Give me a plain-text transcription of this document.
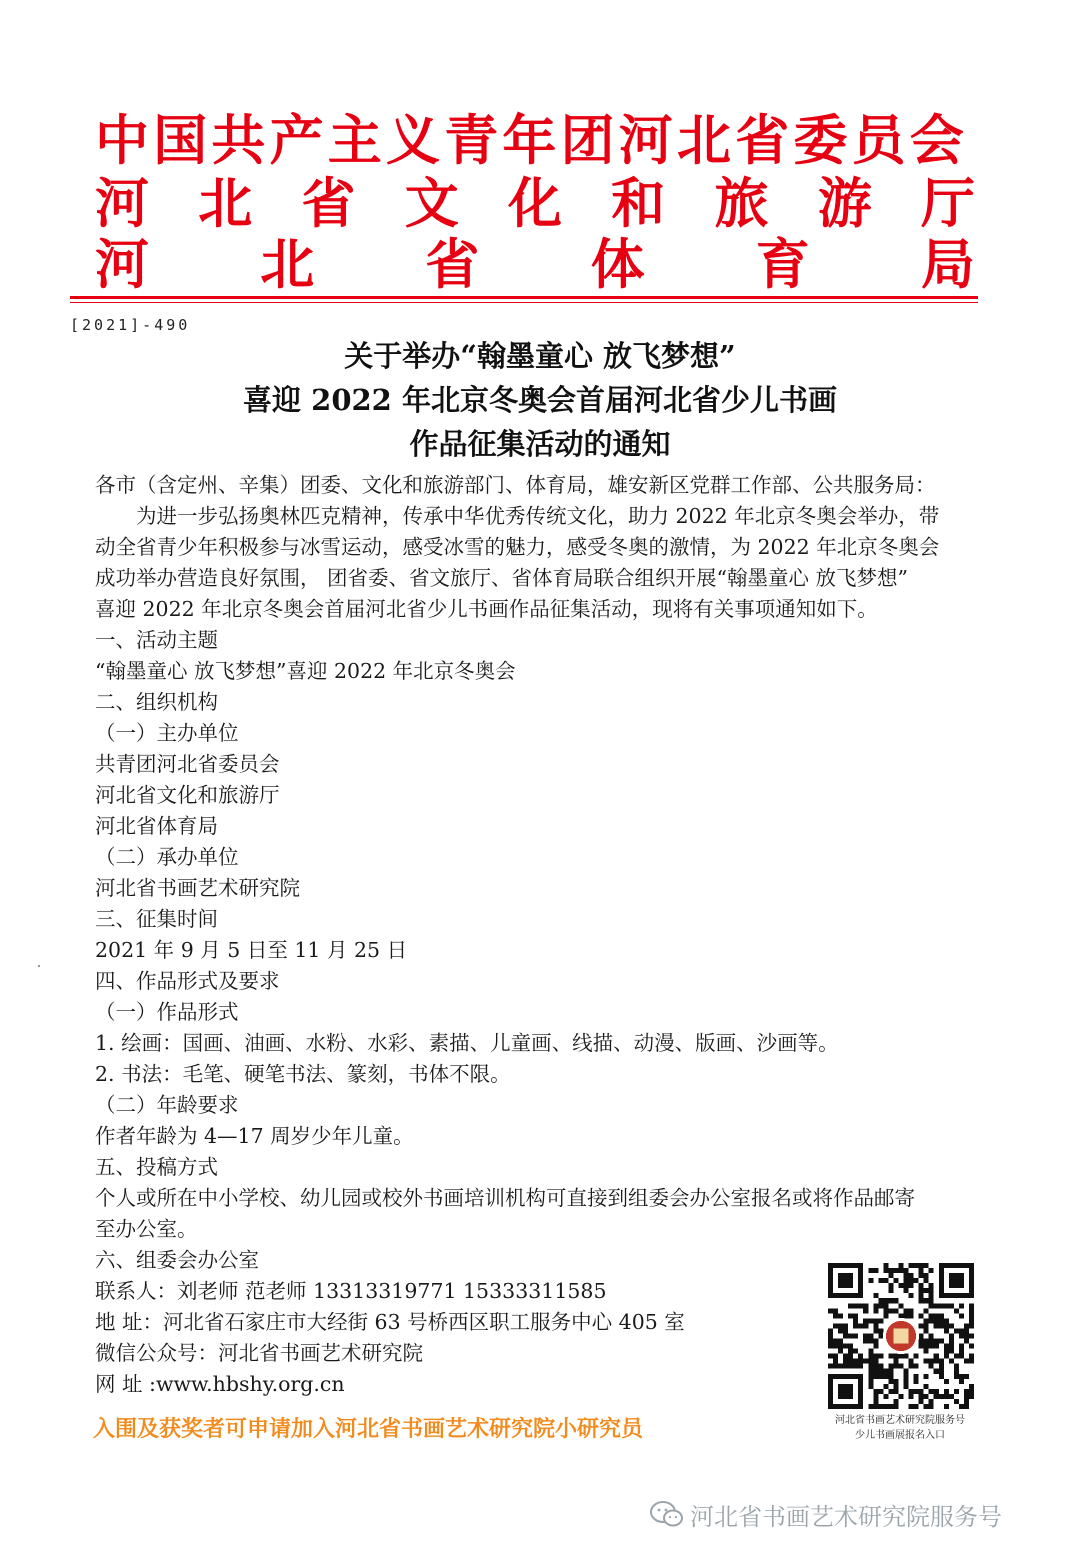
中国共产主义青年团河北省委员会
河 北 省 文 化 和 旅 游 厅
河 北 省 体 育 局
[2021]-490
关于举办“翰墨童心 放飞梦想”
喜迎 2022 年北京冬奥会首届河北省少儿书画
作品征集活动的通知
各市（含定州、辛集）团委、文化和旅游部门、体育局，雄安新区党群工作部、公共服务局：
　　为进一步弘扬奥林匹克精神，传承中华优秀传统文化，助力 2022 年北京冬奥会举办，带
动全省青少年积极参与冰雪运动，感受冰雪的魅力，感受冬奥的激情，为 2022 年北京冬奥会
成功举办营造良好氛围， 团省委、省文旅厅、省体育局联合组织开展“翰墨童心 放飞梦想”
喜迎 2022 年北京冬奥会首届河北省少儿书画作品征集活动，现将有关事项通知如下。
一、活动主题
“翰墨童心 放飞梦想”喜迎 2022 年北京冬奥会
二、组织机构
（一）主办单位
共青团河北省委员会
河北省文化和旅游厅
河北省体育局
（二）承办单位
河北省书画艺术研究院
三、征集时间
2021 年 9 月 5 日至 11 月 25 日
四、作品形式及要求
（一）作品形式
1. 绘画：国画、油画、水粉、水彩、素描、儿童画、线描、动漫、版画、沙画等。
2. 书法：毛笔、硬笔书法、篆刻，书体不限。
（二）年龄要求
作者年龄为 4—17 周岁少年儿童。
五、投稿方式
个人或所在中小学校、幼儿园或校外书画培训机构可直接到组委会办公室报名或将作品邮寄
至办公室。
六、组委会办公室
联系人：刘老师 范老师 13313319771 15333311585
地 址：河北省石家庄市大经街 63 号桥西区职工服务中心 405 室
微信公众号：河北省书画艺术研究院
网 址 :www.hbshy.org.cn
入围及获奖者可申请加入河北省书画艺术研究院小研究员	河北省书画艺术研究院服务号
少儿书画展报名入口
河北省书画艺术研究院服务号
